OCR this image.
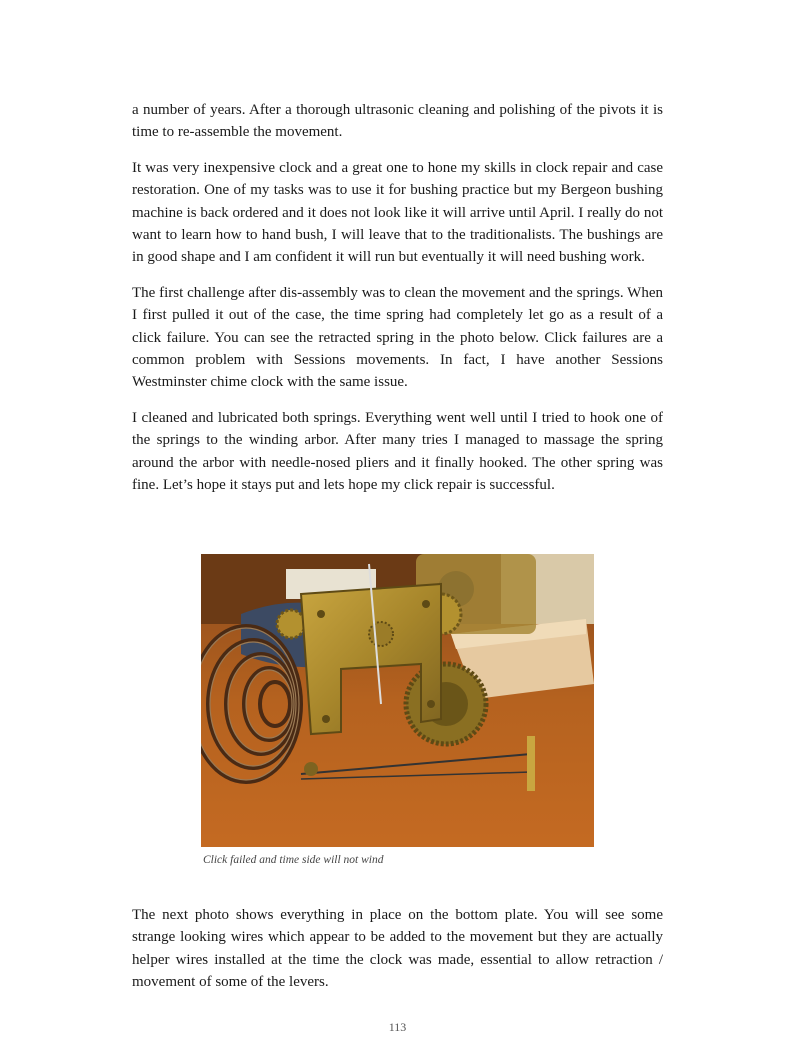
a number of years. After a thorough ultrasonic cleaning and polishing of the pivots it is time to re-assemble the movement.

It was very inexpensive clock and a great one to hone my skills in clock repair and case restoration. One of my tasks was to use it for bushing practice but my Bergeon bushing machine is back ordered and it does not look like it will arrive until April. I really do not want to learn how to hand bush, I will leave that to the traditionalists. The bushings are in good shape and I am confident it will run but eventually it will need bushing work.

The first challenge after dis-assembly was to clean the movement and the springs. When I first pulled it out of the case, the time spring had completely let go as a result of a click failure. You can see the retracted spring in the photo below. Click failures are a common problem with Sessions movements. In fact, I have another Sessions Westminster chime clock with the same issue.

I cleaned and lubricated both springs. Everything went well until I tried to hook one of the springs to the winding arbor. After many tries I managed to massage the spring around the arbor with needle-nosed pliers and it finally hooked. The other spring was fine. Let’s hope it stays put and lets hope my click repair is successful.

Click failed and time side will not wind

The next photo shows everything in place on the bottom plate. You will see some strange looking wires which appear to be added to the movement but they are actually helper wires installed at the time the clock was made, essential to allow retraction / movement of some of the levers.

113
